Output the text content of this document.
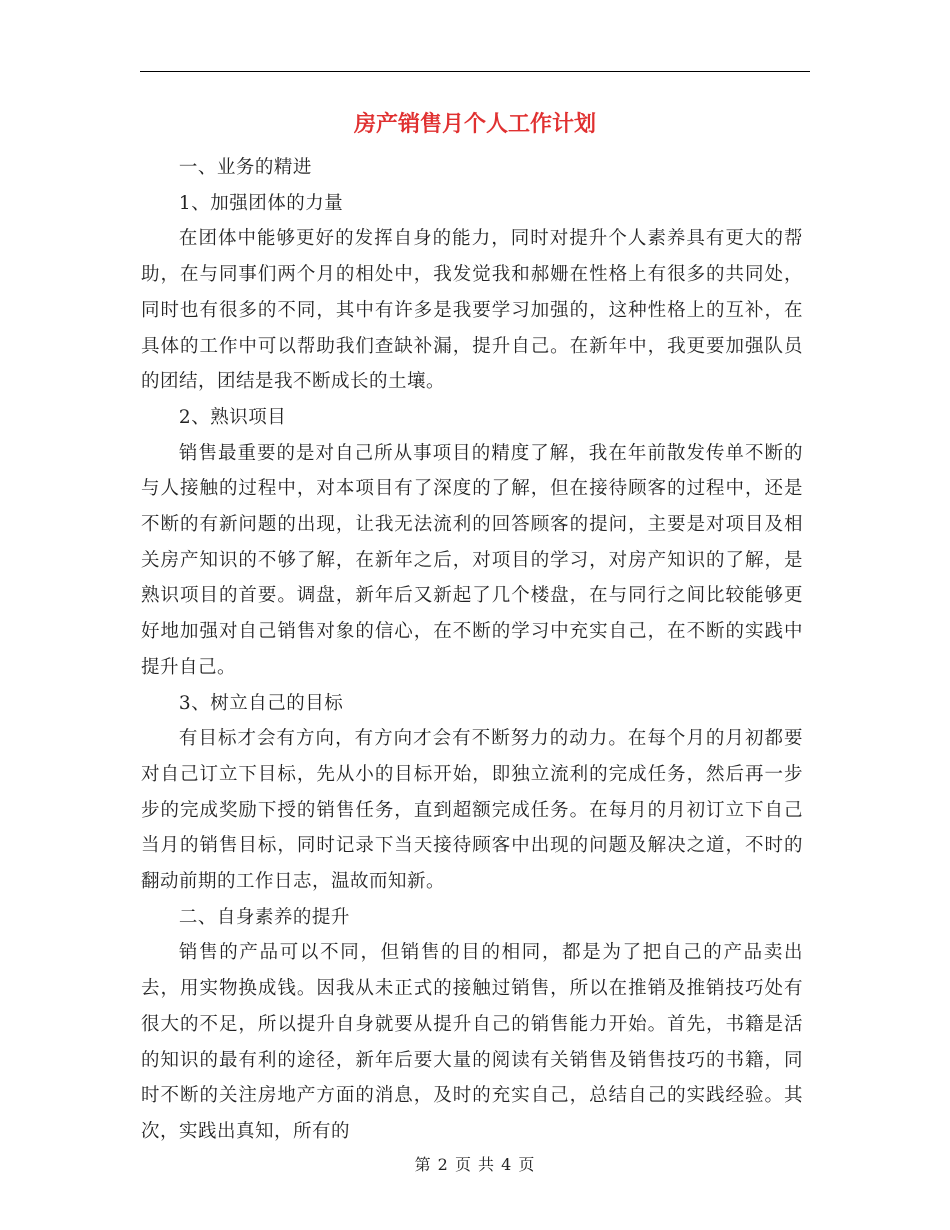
房产销售月个人工作计划

一、业务的精进

1、加强团体的力量

在团体中能够更好的发挥自身的能力，同时对提升个人素养具有更大的帮助，在与同事们两个月的相处中，我发觉我和郝姗在性格上有很多的共同处，同时也有很多的不同，其中有许多是我要学习加强的，这种性格上的互补，在具体的工作中可以帮助我们查缺补漏，提升自己。在新年中，我更要加强队员的团结，团结是我不断成长的土壤。

2、熟识项目

销售最重要的是对自己所从事项目的精度了解，我在年前散发传单不断的与人接触的过程中，对本项目有了深度的了解，但在接待顾客的过程中，还是不断的有新问题的出现，让我无法流利的回答顾客的提问，主要是对项目及相关房产知识的不够了解，在新年之后，对项目的学习，对房产知识的了解，是熟识项目的首要。调盘，新年后又新起了几个楼盘，在与同行之间比较能够更好地加强对自己销售对象的信心，在不断的学习中充实自己，在不断的实践中提升自己。

3、树立自己的目标

有目标才会有方向，有方向才会有不断努力的动力。在每个月的月初都要对自己订立下目标，先从小的目标开始，即独立流利的完成任务，然后再一步步的完成奖励下授的销售任务，直到超额完成任务。在每月的月初订立下自己当月的销售目标，同时记录下当天接待顾客中出现的问题及解决之道，不时的翻动前期的工作日志，温故而知新。

二、自身素养的提升

销售的产品可以不同，但销售的目的相同，都是为了把自己的产品卖出去，用实物换成钱。因我从未正式的接触过销售，所以在推销及推销技巧处有很大的不足，所以提升自身就要从提升自己的销售能力开始。首先，书籍是活的知识的最有利的途径，新年后要大量的阅读有关销售及销售技巧的书籍，同时不断的关注房地产方面的消息，及时的充实自己，总结自己的实践经验。其次，实践出真知，所有的

第 2 页 共 4 页
